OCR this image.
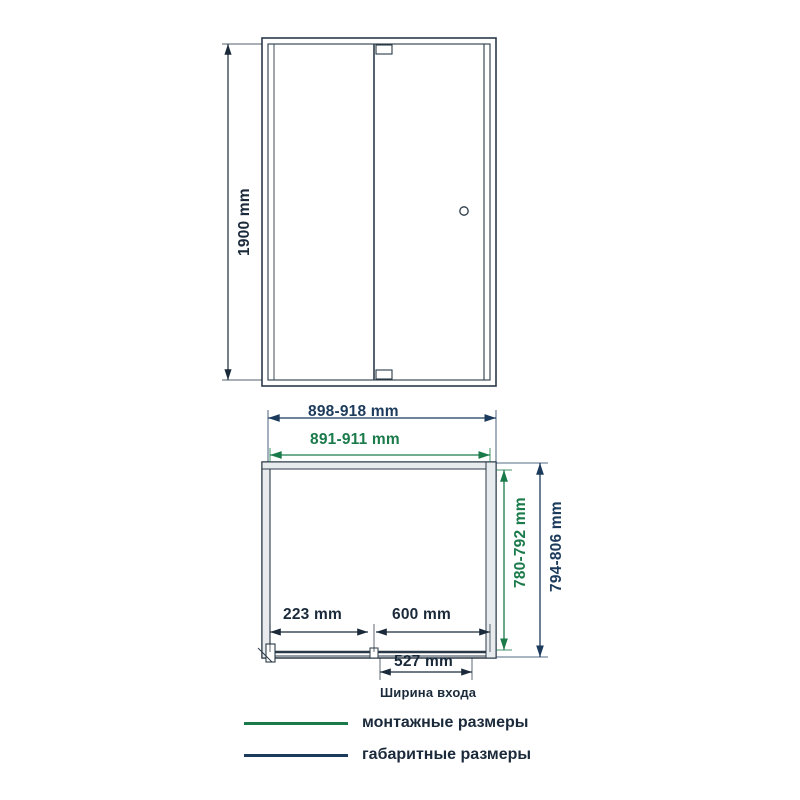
1900 mm
898-918 mm
891-911 mm
780-792 mm 794-806 mm
223 mm	600 mm
527 mm
Ширина входа
монтажные размеры
габаритные размеры
